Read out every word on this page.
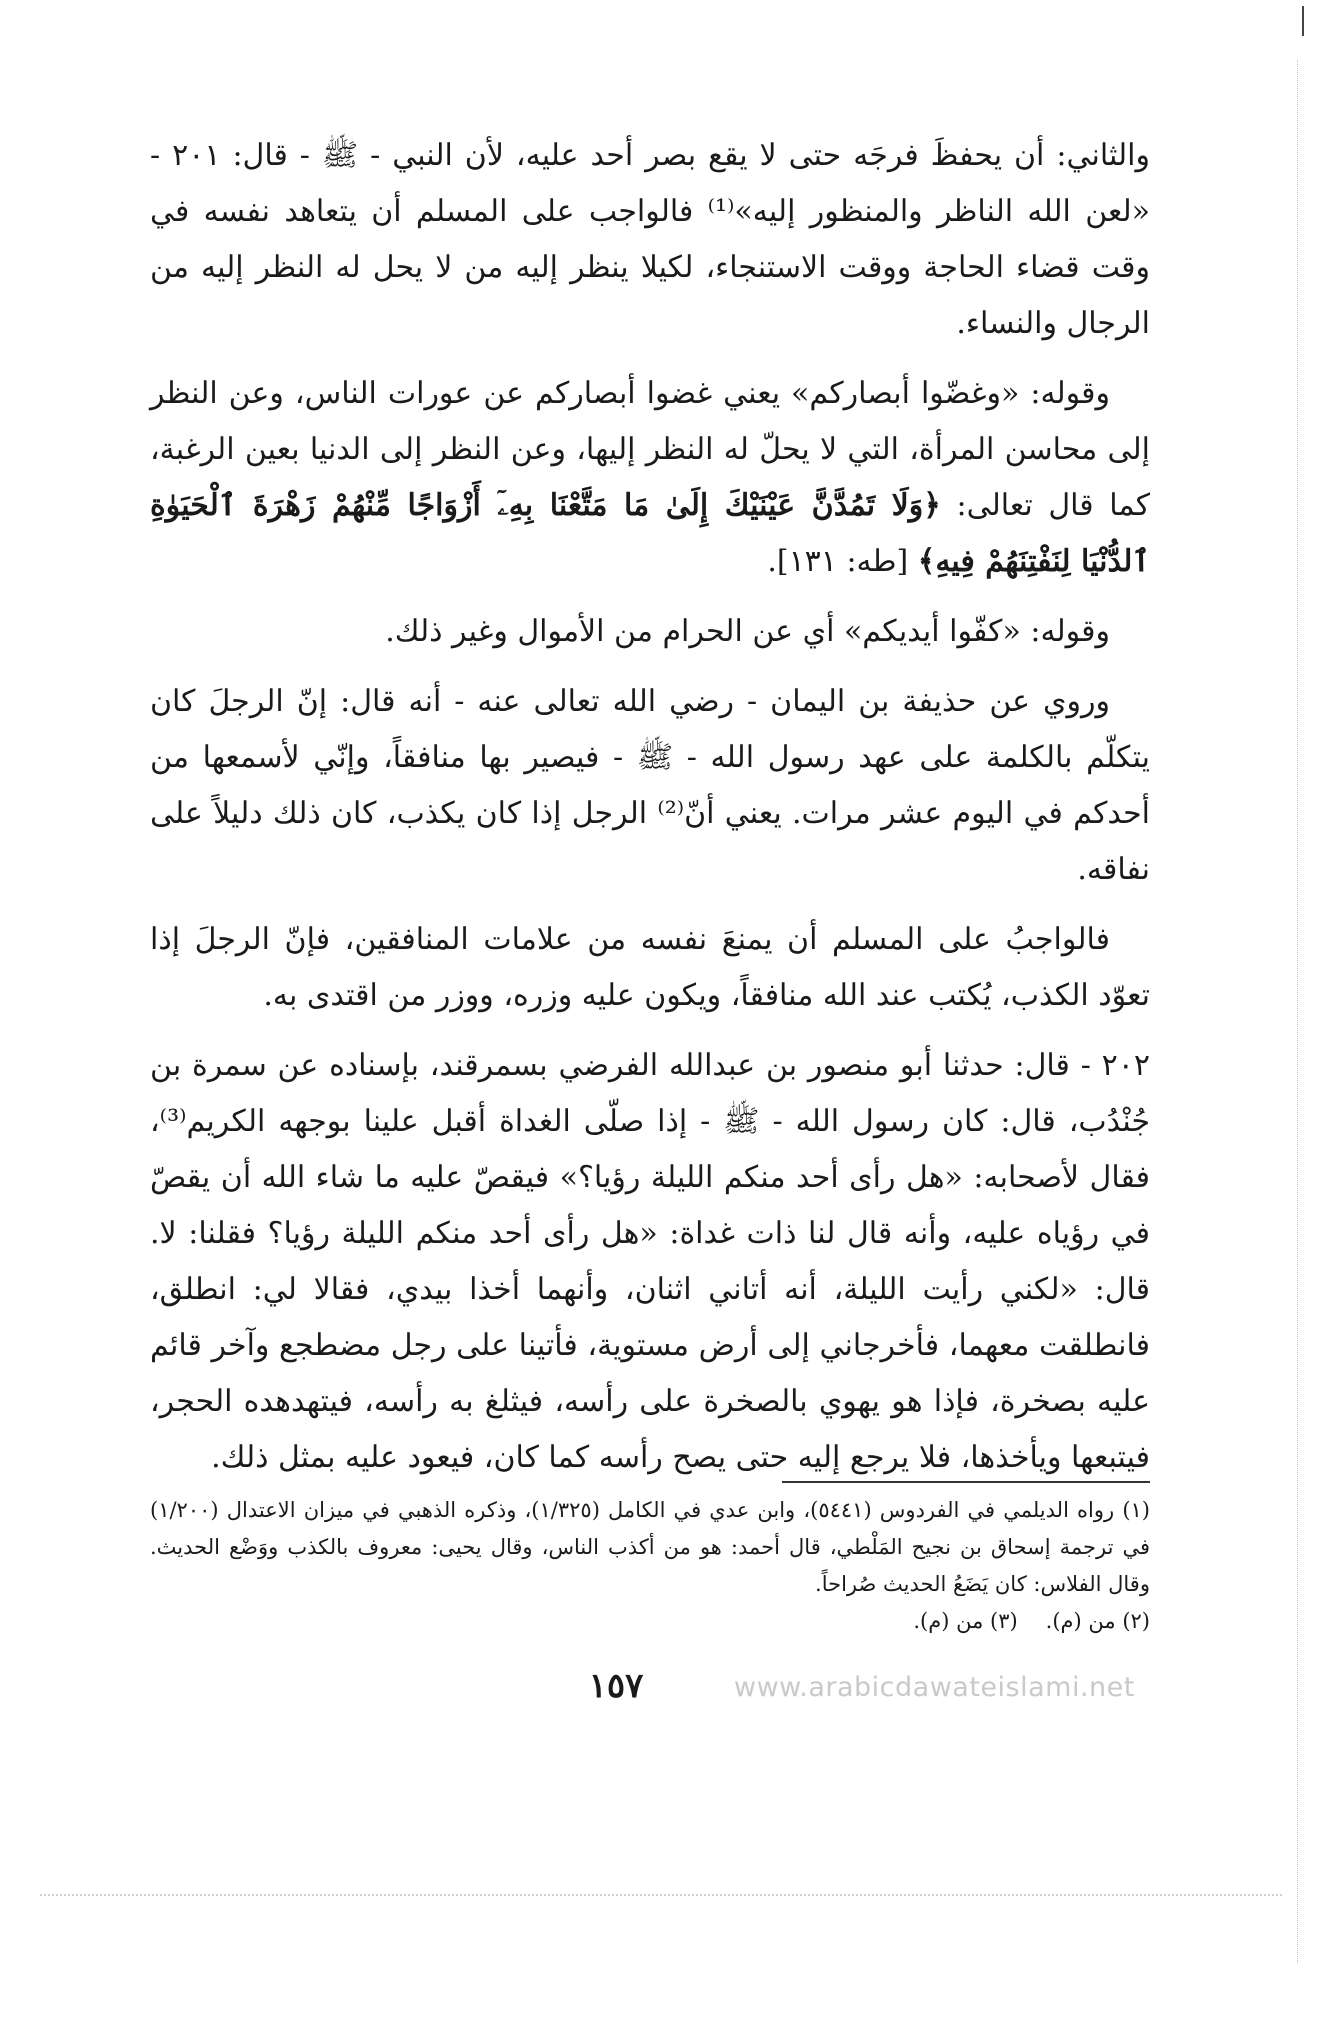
والثاني: أن يحفظَ فرجَه حتى لا يقع بصر أحد عليه، لأن النبي - ﷺ - قال: ٢٠١ - «لعن الله الناظر والمنظور إليه»⁽¹⁾ فالواجب على المسلم أن يتعاهد نفسه في وقت قضاء الحاجة ووقت الاستنجاء، لكيلا ينظر إليه من لا يحل له النظر إليه من الرجال والنساء.

وقوله: «وغضّوا أبصاركم» يعني غضوا أبصاركم عن عورات الناس، وعن النظر إلى محاسن المرأة، التي لا يحلّ له النظر إليها، وعن النظر إلى الدنيا بعين الرغبة، كما قال تعالى: ﴿وَلَا تَمُدَّنَّ عَيْنَيْكَ إِلَىٰ مَا مَتَّعْنَا بِهِۦٓ أَزْوَاجًا مِّنْهُمْ زَهْرَةَ ٱلْحَيَوٰةِ ٱلدُّنْيَا لِنَفْتِنَهُمْ فِيهِ﴾ [طه: ١٣١].

وقوله: «كفّوا أيديكم» أي عن الحرام من الأموال وغير ذلك.

وروي عن حذيفة بن اليمان - رضي الله تعالى عنه - أنه قال: إنّ الرجلَ كان يتكلّم بالكلمة على عهد رسول الله - ﷺ - فيصير بها منافقاً، وإنّي لأسمعها من أحدكم في اليوم عشر مرات. يعني أنّ⁽²⁾ الرجل إذا كان يكذب، كان ذلك دليلاً على نفاقه.

فالواجبُ على المسلم أن يمنعَ نفسه من علامات المنافقين، فإنّ الرجلَ إذا تعوّد الكذب، يُكتب عند الله منافقاً، ويكون عليه وزره، ووزر من اقتدى به.

٢٠٢ - قال: حدثنا أبو منصور بن عبدالله الفرضي بسمرقند، بإسناده عن سمرة بن جُنْدُب، قال: كان رسول الله - ﷺ - إذا صلّى الغداة أقبل علينا بوجهه الكريم⁽³⁾، فقال لأصحابه: «هل رأى أحد منكم الليلة رؤيا؟» فيقصّ عليه ما شاء الله أن يقصّ في رؤياه عليه، وأنه قال لنا ذات غداة: «هل رأى أحد منكم الليلة رؤيا؟ فقلنا: لا. قال: «لكني رأيت الليلة، أنه أتاني اثنان، وأنهما أخذا بيدي، فقالا لي: انطلق، فانطلقت معهما، فأخرجاني إلى أرض مستوية، فأتينا على رجل مضطجع وآخر قائم عليه بصخرة، فإذا هو يهوي بالصخرة على رأسه، فيثلغ به رأسه، فيتهدهده الحجر، فيتبعها ويأخذها، فلا يرجع إليه حتى يصح رأسه كما كان، فيعود عليه بمثل ذلك.

(١) رواه الديلمي في الفردوس (٥٤٤١)، وابن عدي في الكامل (١/٣٢٥)، وذكره الذهبي في ميزان الاعتدال (١/٢٠٠) في ترجمة إسحاق بن نجيح المَلْطي، قال أحمد: هو من أكذب الناس، وقال يحيى: معروف بالكذب ووَضْع الحديث. وقال الفلاس: كان يَضَعُ الحديث صُراحاً.

(٢) من (م).
(٣) من (م).
١٥٧	www.arabicdawateislami.net
